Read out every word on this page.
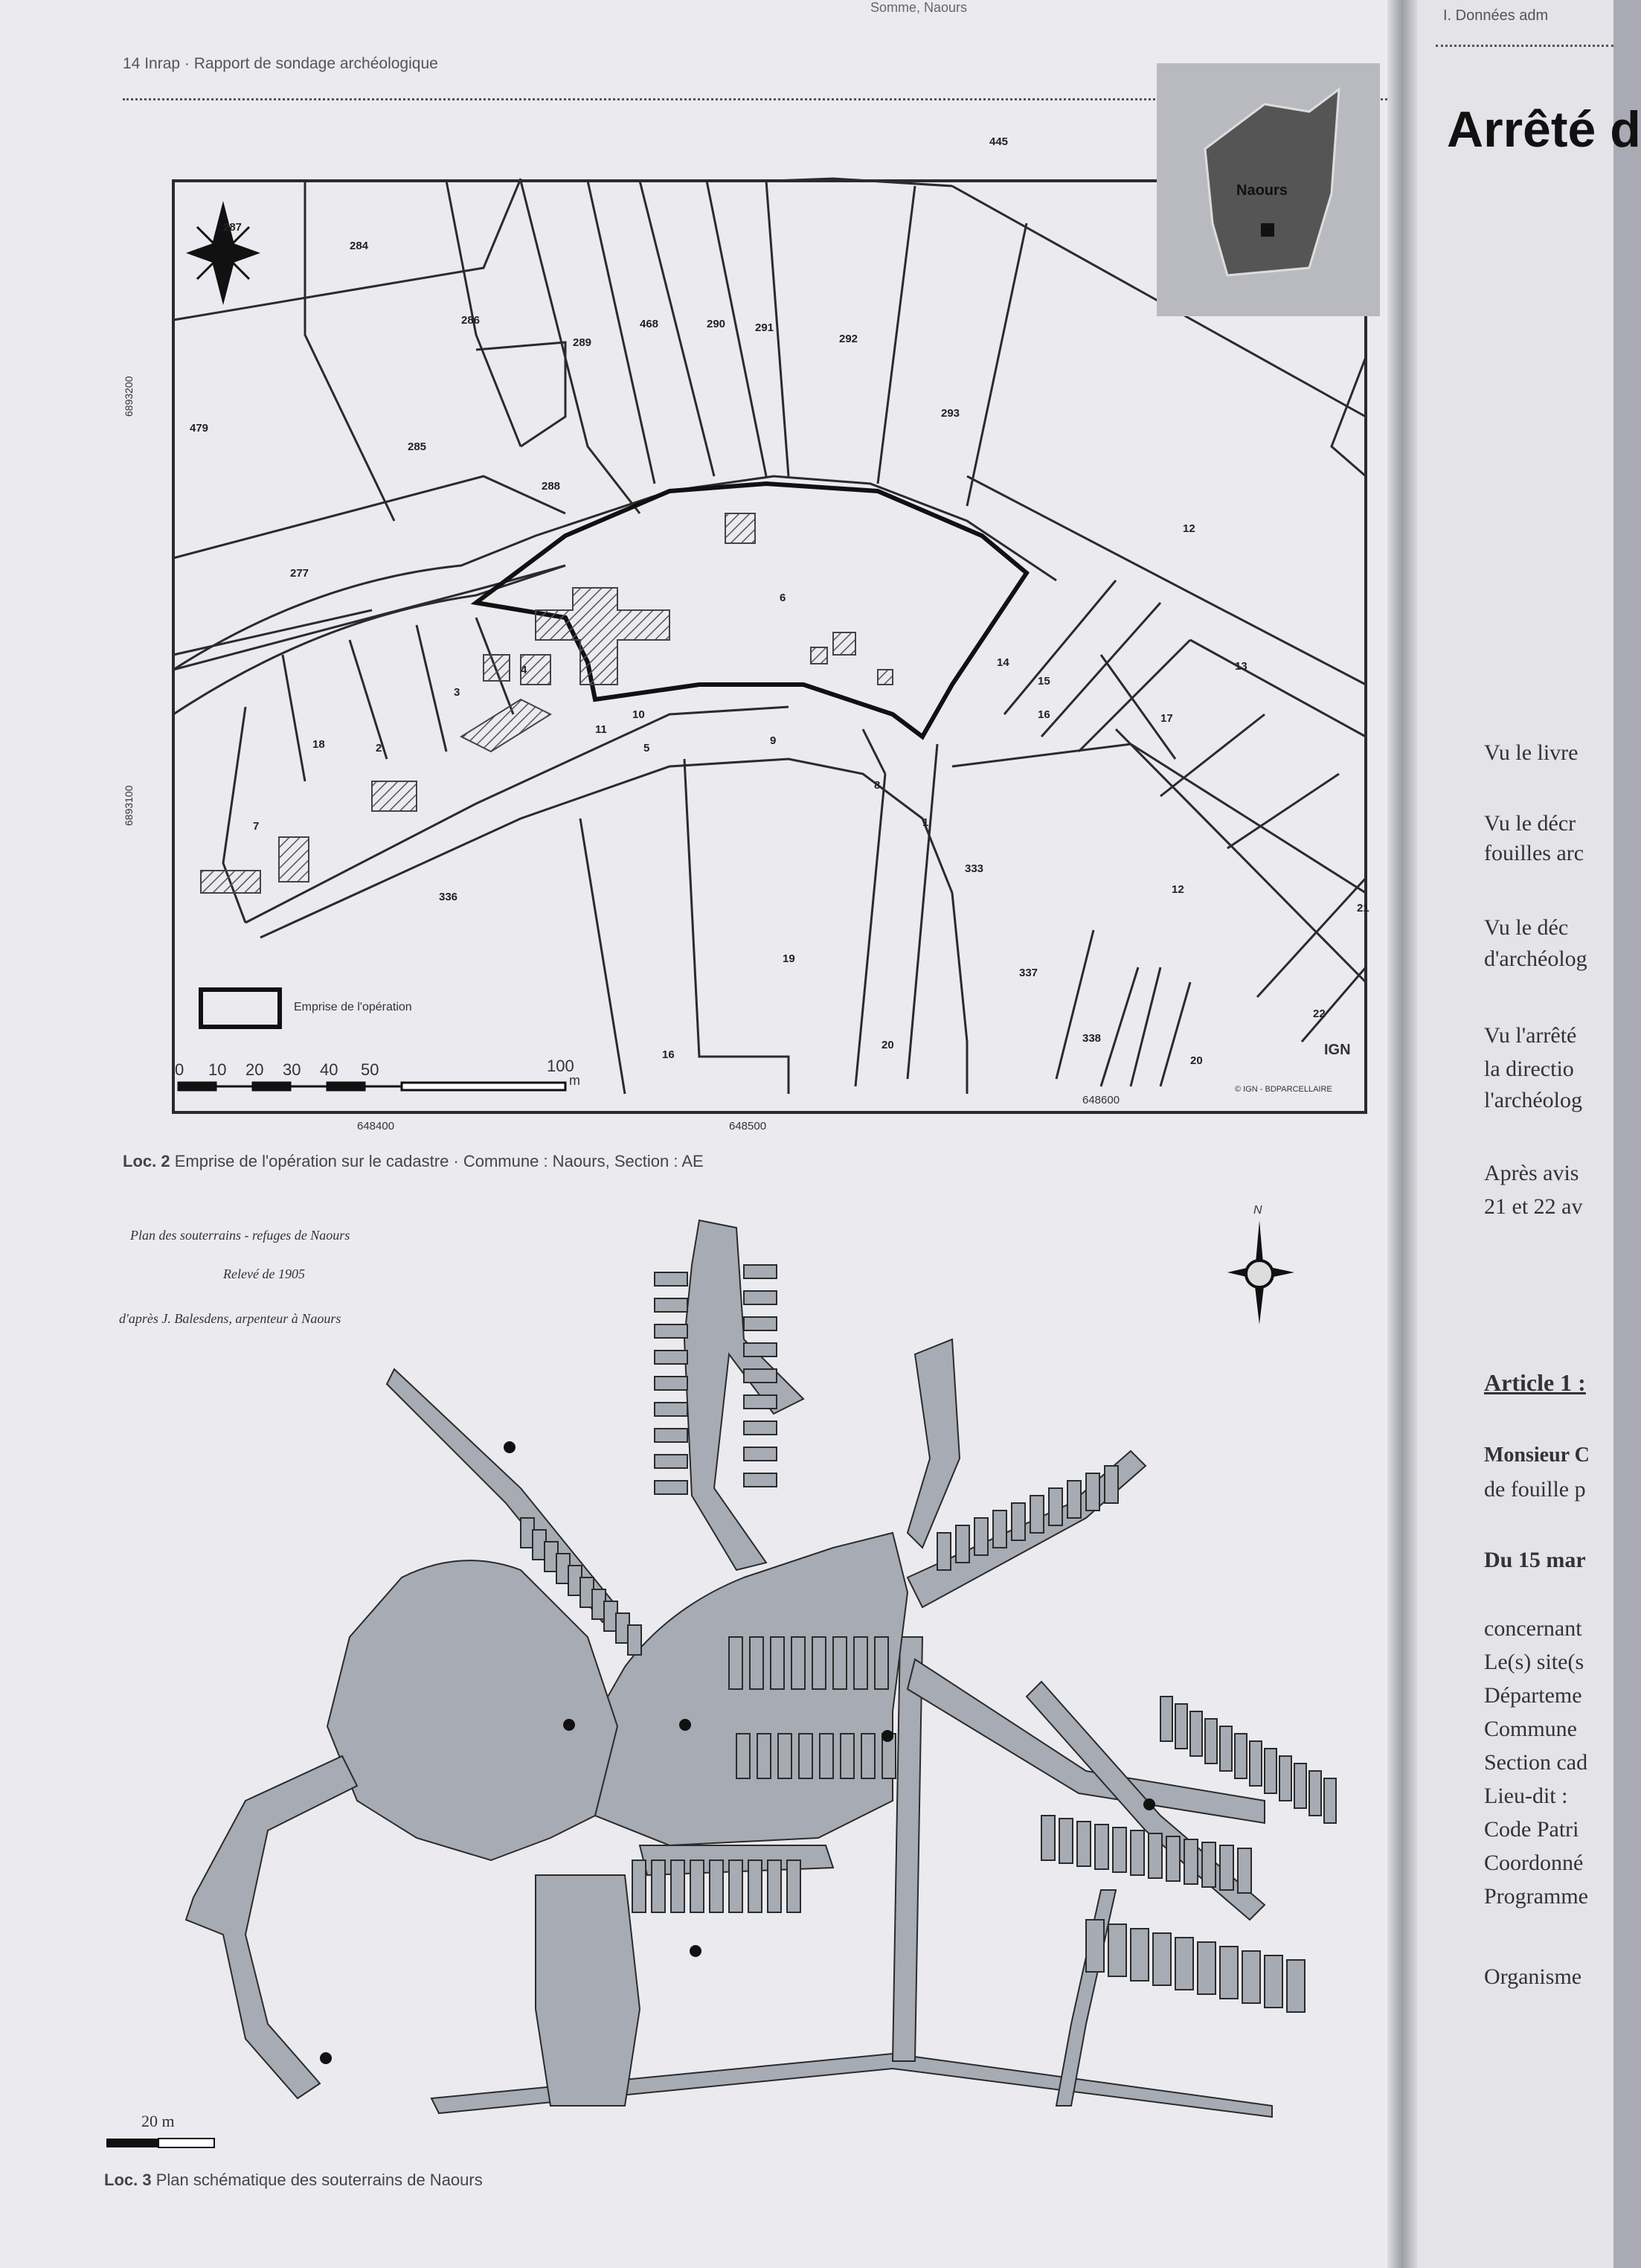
Somme, Naours
14 Inrap · Rapport de sondage archéologique
445
287
284
286	468	290	291
292
479
289
285
288
293
277
12
6
13
14
15
16	17
18	2
3
4
5
9
8
7	1
333
336
19
20
12
337
338
22
16	20
21
11
10
6893200
6893100
648400	648500
648600
Emprise de l'opération
0 10 20 30 40 50	100
m
© IGN - BDPARCELLAIRE
IGN
Naours
Loc. 2 Emprise de l'opération sur le cadastre · Commune : Naours, Section : AE
Plan des souterrains - refuges de Naours
Relevé de 1905
d'après J. Balesdens, arpenteur à Naours
N
20 m
Loc. 3 Plan schématique des souterrains de Naours
I. Données adm
Arrêté d
Vu le livre
Vu le décr
fouilles arc
Vu le déc
d'archéolog
Vu l'arrêté
la directio
l'archéolog
Après avis
21 et 22 av
Article 1 :
Monsieur C
de fouille p
Du 15 mar
concernant
Le(s) site(s
Départeme
Commune
Section cad
Lieu-dit :
Code Patri
Coordonné
Programme
Organisme
